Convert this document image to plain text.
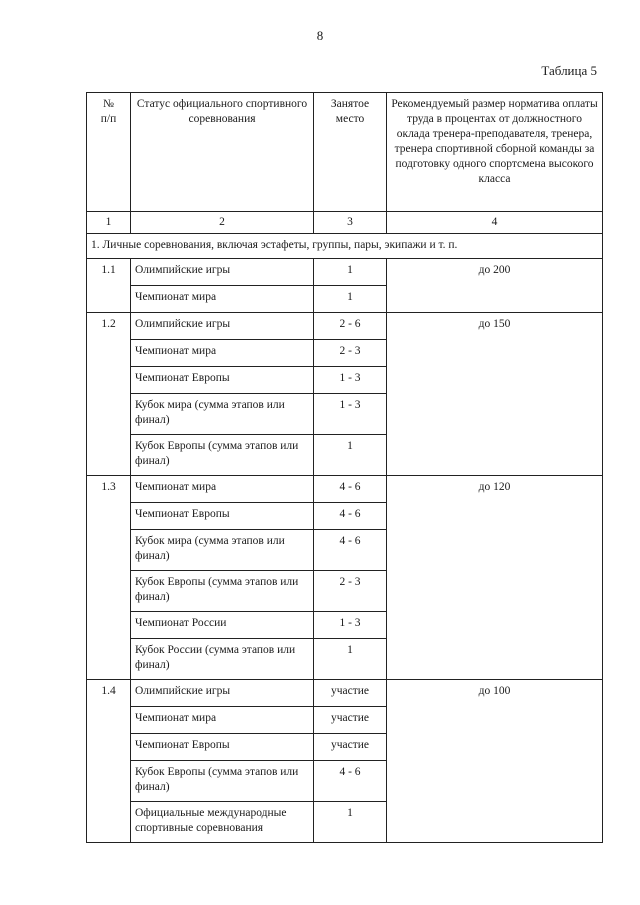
8
Таблица 5
№
п/п	Статус официального спортивного соревнования	Занятое место	Рекомендуемый размер норматива оплаты труда в процентах от должностного оклада тренера-преподавателя, тренера, тренера спортивной сборной команды за подготовку одного спортсмена высокого класса
1	2	3	4
1. Личные соревнования, включая эстафеты, группы, пары, экипажи и т. п.			
1.1	Олимпийские игры	1	до 200
	Чемпионат мира	1	
1.2	Олимпийские игры	2 - 6	до 150
	Чемпионат мира	2 - 3	
	Чемпионат Европы	1 - 3	
	Кубок мира (сумма этапов или финал)	1 - 3	
	Кубок Европы (сумма этапов или финал)	1	
1.3	Чемпионат мира	4 - 6	до 120
	Чемпионат Европы	4 - 6	
	Кубок мира (сумма этапов или финал)	4 - 6	
	Кубок Европы (сумма этапов или финал)	2 - 3	
	Чемпионат России	1 - 3	
	Кубок России (сумма этапов или финал)	1	
1.4	Олимпийские игры	участие	до 100
	Чемпионат мира	участие	
	Чемпионат Европы	участие	
	Кубок Европы (сумма этапов или финал)	4 - 6	
	Официальные международные спортивные соревнования	1	
